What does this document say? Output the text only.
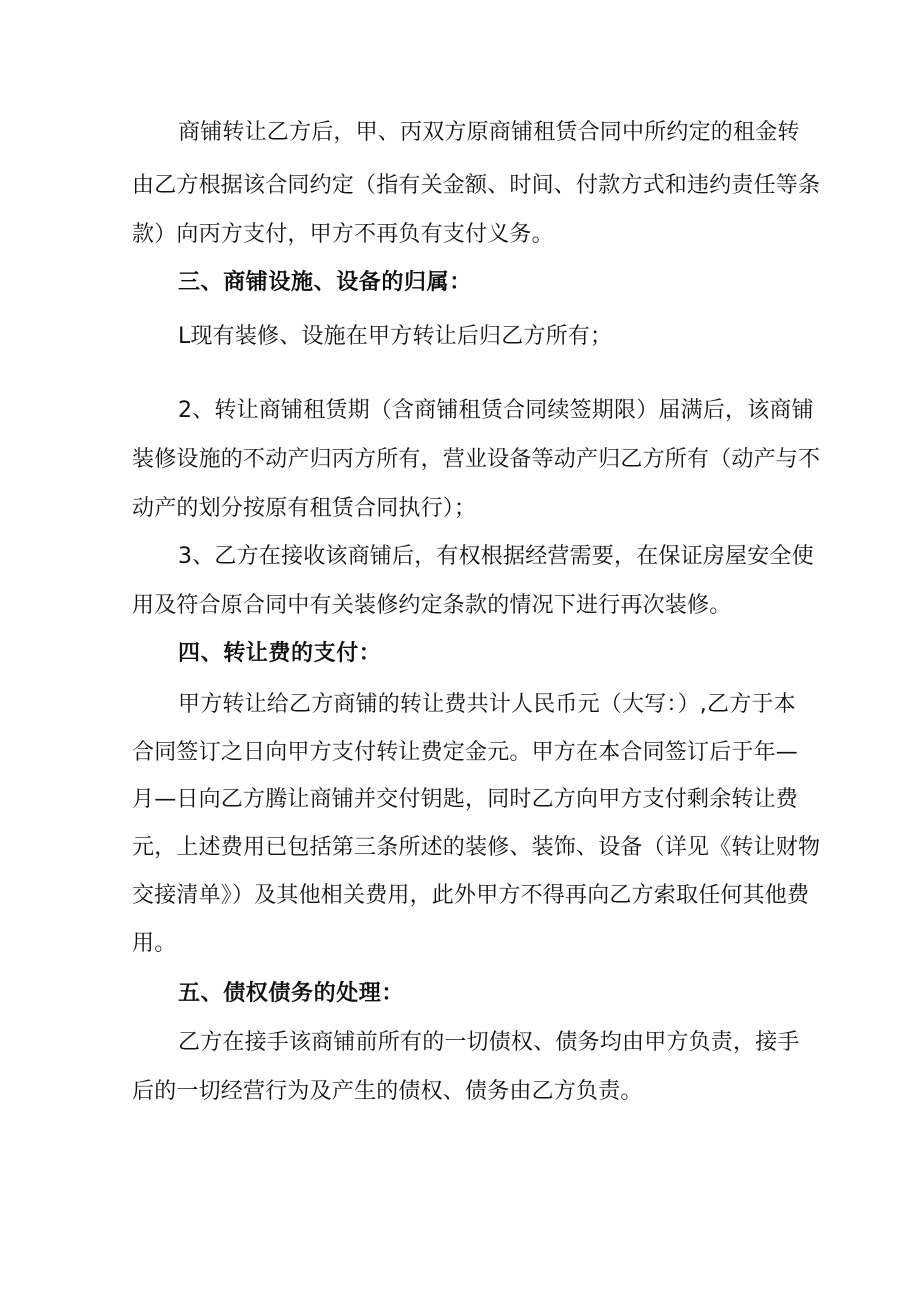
商铺转让乙方后，甲、丙双方原商铺租赁合同中所约定的租金转
由乙方根据该合同约定（指有关金额、时间、付款方式和违约责任等条
款）向丙方支付，甲方不再负有支付义务。
三、商铺设施、设备的归属：
L现有装修、设施在甲方转让后归乙方所有；
2、转让商铺租赁期（含商铺租赁合同续签期限）届满后，该商铺
装修设施的不动产归丙方所有，营业设备等动产归乙方所有（动产与不
动产的划分按原有租赁合同执行）；
3、乙方在接收该商铺后，有权根据经营需要，在保证房屋安全使
用及符合原合同中有关装修约定条款的情况下进行再次装修。
四、转让费的支付：
甲方转让给乙方商铺的转让费共计人民币元（大写：）,乙方于本
合同签订之日向甲方支付转让费定金元。甲方在本合同签订后于年—
月—日向乙方腾让商铺并交付钥匙，同时乙方向甲方支付剩余转让费
元，上述费用已包括第三条所述的装修、装饰、设备（详见《转让财物
交接清单》）及其他相关费用，此外甲方不得再向乙方索取任何其他费
用。
五、债权债务的处理：
乙方在接手该商铺前所有的一切债权、债务均由甲方负责，接手
后的一切经营行为及产生的债权、债务由乙方负责。
